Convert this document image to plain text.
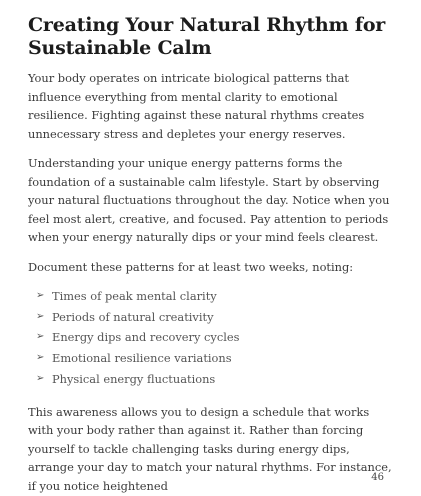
Creating Your Natural Rhythm for Sustainable Calm

Your body operates on intricate biological patterns that influence everything from mental clarity to emotional resilience. Fighting against these natural rhythms creates unnecessary stress and depletes your energy reserves.

Understanding your unique energy patterns forms the foundation of a sustainable calm lifestyle. Start by observing your natural fluctuations throughout the day. Notice when you feel most alert, creative, and focused. Pay attention to periods when your energy naturally dips or your mind feels clearest.

Document these patterns for at least two weeks, noting:

➢ Times of peak mental clarity
➢ Periods of natural creativity
➢ Energy dips and recovery cycles
➢ Emotional resilience variations
➢ Physical energy fluctuations

This awareness allows you to design a schedule that works with your body rather than against it. Rather than forcing yourself to tackle challenging tasks during energy dips, arrange your day to match your natural rhythms. For instance, if you notice heightened

46
